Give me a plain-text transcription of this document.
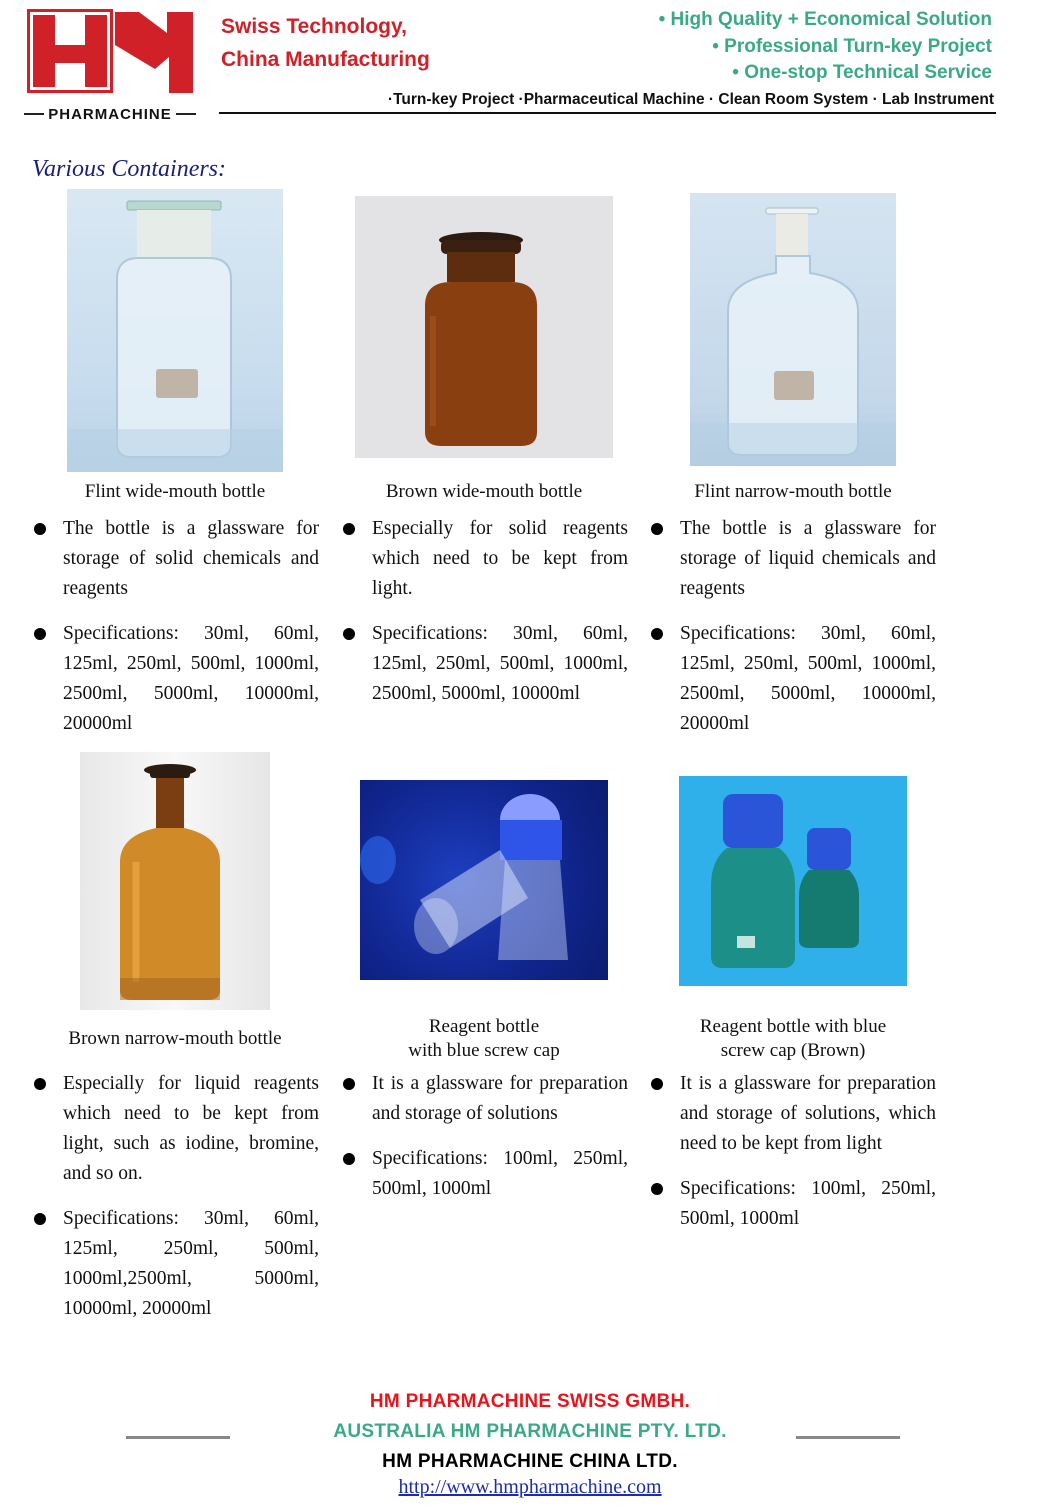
PHARMACHINE
Swiss Technology,
China Manufacturing
• High Quality + Economical Solution
• Professional Turn-key Project
• One-stop Technical Service
·Turn-key Project ·Pharmaceutical Machine · Clean Room System · Lab Instrument
Various Containers:
Flint wide-mouth bottle
The bottle is a glassware for storage of solid chemicals and reagents
Specifications: 30ml, 60ml, 125ml, 250ml, 500ml, 1000ml, 2500ml, 5000ml, 10000ml, 20000ml
Brown wide-mouth bottle
Especially for solid reagents which need to be kept from light.
Specifications: 30ml, 60ml, 125ml, 250ml, 500ml, 1000ml, 2500ml, 5000ml, 10000ml
Flint narrow-mouth bottle
The bottle is a glassware for storage of liquid chemicals and reagents
Specifications: 30ml, 60ml, 125ml, 250ml, 500ml, 1000ml, 2500ml, 5000ml, 10000ml, 20000ml
Brown narrow-mouth bottle
Especially for liquid reagents which need to be kept from light, such as iodine, bromine, and so on.
Specifications: 30ml, 60ml, 125ml, 250ml, 500ml, 1000ml,2500ml, 5000ml, 10000ml, 20000ml
Reagent bottle
with blue screw cap
It is a glassware for preparation and storage of solutions
Specifications: 100ml, 250ml, 500ml, 1000ml
Reagent bottle with blue
screw cap (Brown)
It is a glassware for preparation and storage of solutions, which need to be kept from light
Specifications: 100ml, 250ml, 500ml, 1000ml
HM PHARMACHINE SWISS GMBH.
AUSTRALIA HM PHARMACHINE PTY. LTD.
HM PHARMACHINE CHINA LTD.
http://www.hmpharmachine.com
